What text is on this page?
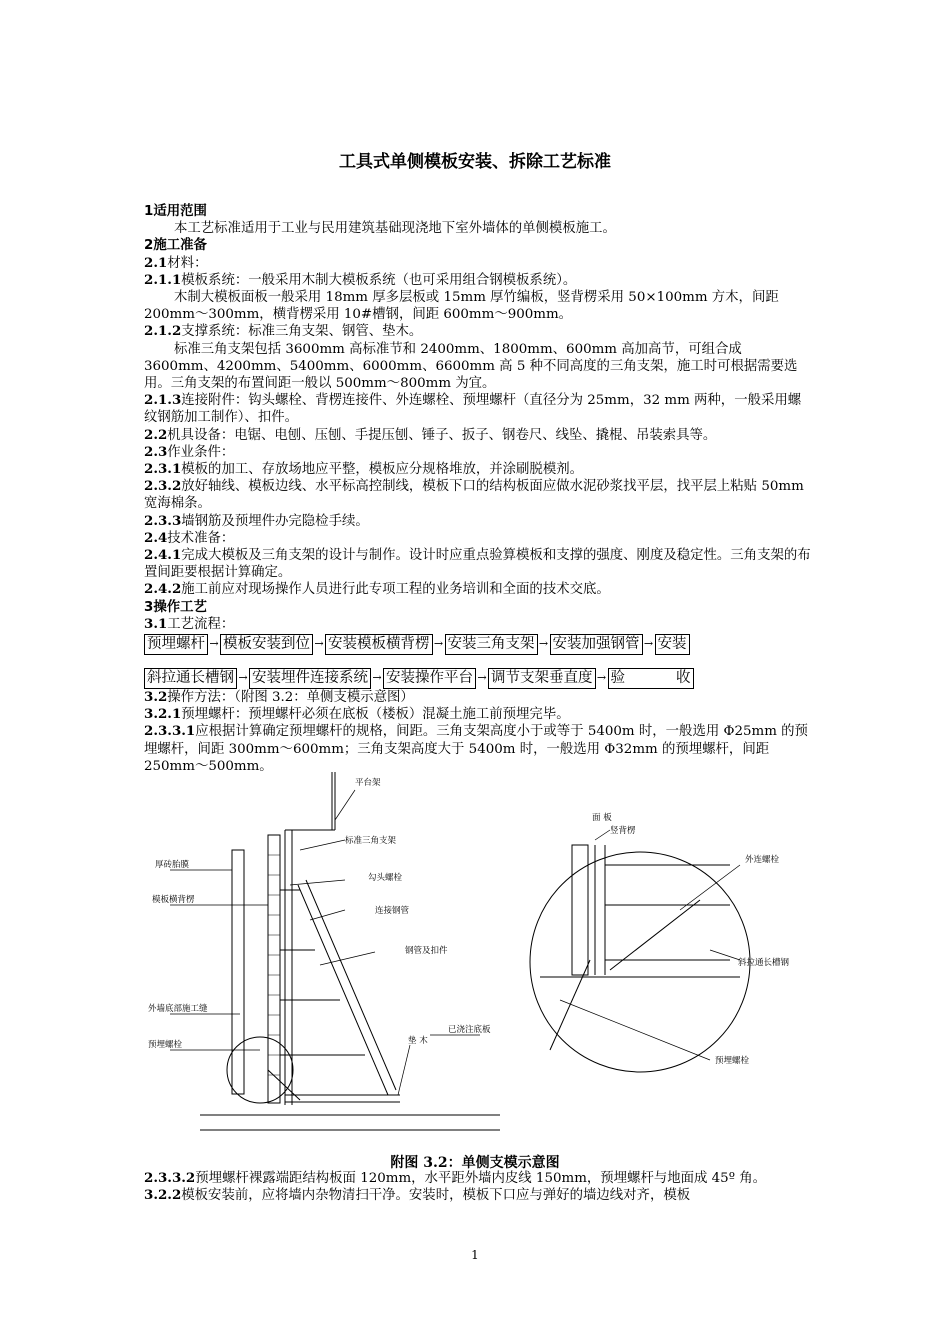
工具式单侧模板安装、拆除工艺标准

1适用范围

本工艺标准适用于工业与民用建筑基础现浇地下室外墙体的单侧模板施工。

2施工准备

2.1材料：

2.1.1模板系统：一般采用木制大模板系统（也可采用组合钢模板系统）。

木制大模板面板一般采用 18mm 厚多层板或 15mm 厚竹编板，竖背楞采用 50×100mm 方木，间距 200mm～300mm，横背楞采用 10#槽钢，间距 600mm～900mm。

2.1.2支撑系统：标准三角支架、钢管、垫木。

标准三角支架包括 3600mm 高标准节和 2400mm、1800mm、600mm 高加高节，可组合成 3600mm、4200mm、5400mm、6000mm、6600mm 高 5 种不同高度的三角支架，施工时可根据需要选用。三角支架的布置间距一般以 500mm～800mm 为宜。

2.1.3连接附件：钩头螺栓、背楞连接件、外连螺栓、预埋螺杆（直径分为 25mm，32 mm 两种，一般采用螺纹钢筋加工制作）、扣件。

2.2机具设备：电锯、电刨、压刨、手提压刨、锤子、扳子、钢卷尺、线坠、撬棍、吊装索具等。

2.3作业条件：

2.3.1模板的加工、存放场地应平整，模板应分规格堆放，并涂刷脱模剂。

2.3.2放好轴线、模板边线、水平标高控制线，模板下口的结构板面应做水泥砂浆找平层，找平层上粘贴 50mm 宽海棉条。

2.3.3墙钢筋及预埋件办完隐检手续。

2.4技术准备：

2.4.1完成大模板及三角支架的设计与制作。设计时应重点验算模板和支撑的强度、刚度及稳定性。三角支架的布置间距要根据计算确定。

2.4.2施工前应对现场操作人员进行此专项工程的业务培训和全面的技术交底。

3操作工艺

3.1工艺流程：

预埋螺杆 → 模板安装到位 → 安装模板横背楞 → 安装三角支架 → 安装加强钢管 → 安装
斜拉通长槽钢 → 安装埋件连接系统 → 安装操作平台 → 调节支架垂直度 → 验	收

3.2操作方法：（附图 3.2：单侧支模示意图）

3.2.1预埋螺杆：预埋螺杆必须在底板（楼板）混凝土施工前预埋完毕。

2.3.3.1应根据计算确定预埋螺杆的规格，间距。三角支架高度小于或等于 5400m 时，一般选用 Φ25mm 的预埋螺杆，间距 300mm～600mm；三角支架高度大于 5400m 时，一般选用 Φ32mm 的预埋螺杆，间距 250mm～500mm。

平台架
标准三角支架
厚砖胎膜
勾头螺栓
模板横背楞
连接钢管
钢管及扣件
外墙底部施工缝
垫 木
已浇注底板
预埋螺栓
面 板
竖背楞
外连螺栓
斜拉通长槽钢
预埋螺栓
附图 3.2：单侧支模示意图

2.3.3.2预埋螺杆裸露端距结构板面 120mm，水平距外墙内皮线 150mm，预埋螺杆与地面成 45º 角。

3.2.2模板安装前，应将墙内杂物清扫干净。安装时，模板下口应与弹好的墙边线对齐，模板

1
